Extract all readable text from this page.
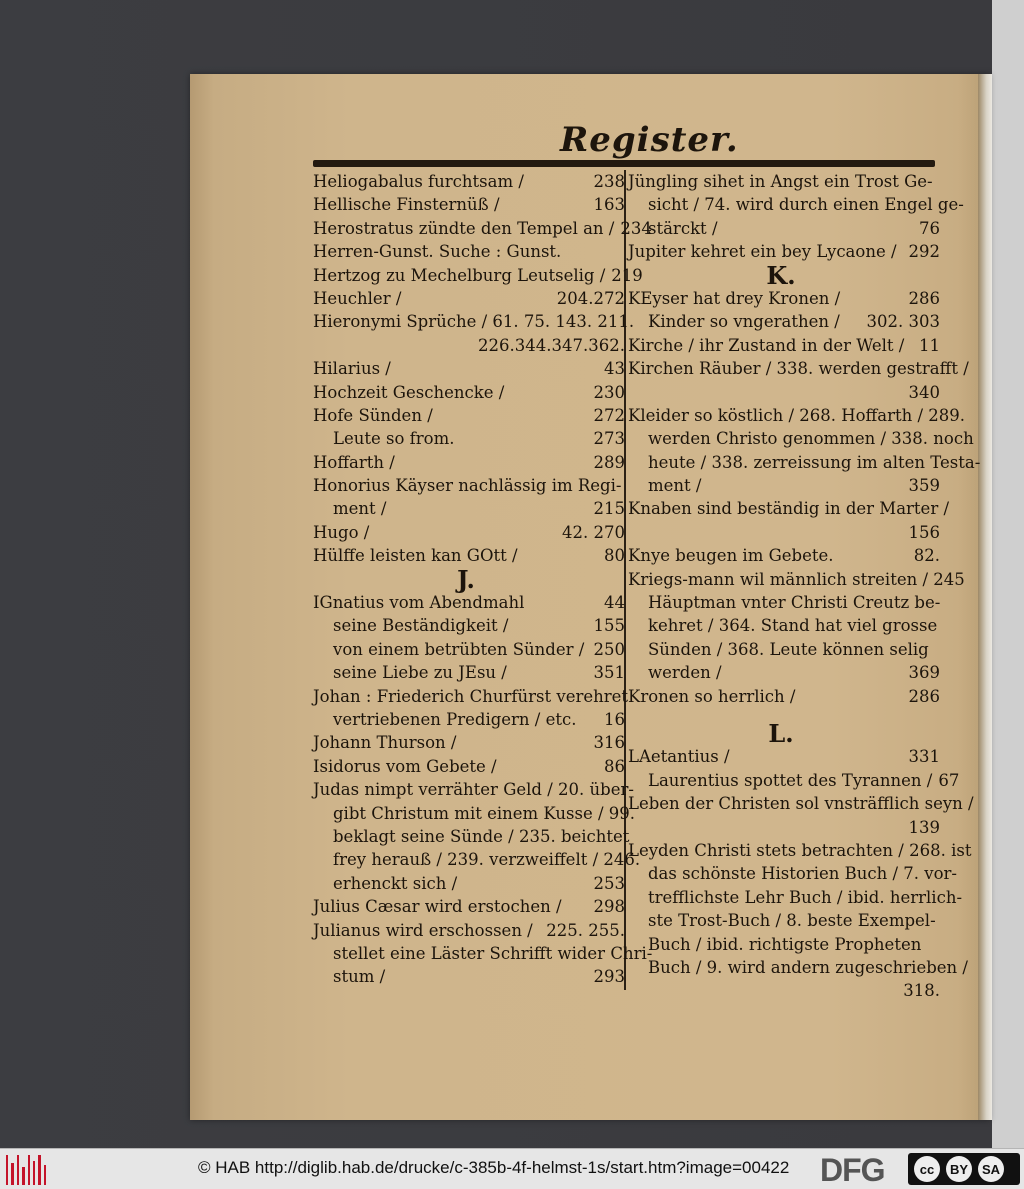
Register.
Heliogabalus furchtsam /	238
Hellische Finsternüß /	163
Herostratus zündte den Tempel an / 234
Herren-Gunst. Suche : Gunst.
Hertzog zu Mechelburg Leutselig / 219
Heuchler /	204.272
Hieronymi Sprüche / 61. 75. 143. 211.
226.344.347.362.
Hilarius /	43
Hochzeit Geschencke /	230
Hofe Sünden /	272
Leute so from.	273
Hoffarth /	289
Honorius Käyser nachlässig im Regi-
ment /	215
Hugo /	42. 270
Hülffe leisten kan GOtt /	80
J.
IGnatius vom Abendmahl	44
seine Beständigkeit /	155
von einem betrübten Sünder / 250
seine Liebe zu JEsu /	351
Johan : Friederich Churfürst verehret
vertriebenen Predigern / etc.	16
Johann Thurson /	316
Isidorus vom Gebete /	86
Judas nimpt verrähter Geld / 20. über-
gibt Christum mit einem Kusse / 99.
beklagt seine Sünde / 235. beichtet
frey herauß / 239. verzweiffelt / 246.
erhenckt sich /	253
Julius Cæsar wird erstochen /	298
Julianus wird erschossen / 225. 255.
stellet eine Läster Schrifft wider Chri-
stum /	293
Jüngling sihet in Angst ein Trost Ge-
sicht / 74. wird durch einen Engel ge-
stärckt /	76
Jupiter kehret ein bey Lycaone / 292
K.
KEyser hat drey Kronen /	286
Kinder so vngerathen /	302. 303
Kirche / ihr Zustand in der Welt / 11
Kirchen Räuber / 338. werden gestrafft /
340
Kleider so köstlich / 268. Hoffarth / 289.
werden Christo genommen / 338. noch
heute / 338. zerreissung im alten Testa-
ment /	359
Knaben sind beständig in der Marter /
156
Knye beugen im Gebete.	82.
Kriegs-mann wil männlich streiten / 245
Häuptman vnter Christi Creutz be-
kehret / 364. Stand hat viel grosse
Sünden / 368. Leute können selig
werden /	369
Kronen so herrlich /	286
L.
LAetantius /	331
Laurentius spottet des Tyrannen / 67
Leben der Christen sol vnsträfflich seyn /
139
Leyden Christi stets betrachten / 268. ist
das schönste Historien Buch / 7. vor-
trefflichste Lehr Buch / ibid. herrlich-
ste Trost-Buch / 8. beste Exempel-
Buch / ibid. richtigste Propheten
Buch / 9. wird andern zugeschrieben /
318.
© HAB http://diglib.hab.de/drucke/c-385b-4f-helmst-1s/start.htm?image=00422 DFG	cc	BY	SA
